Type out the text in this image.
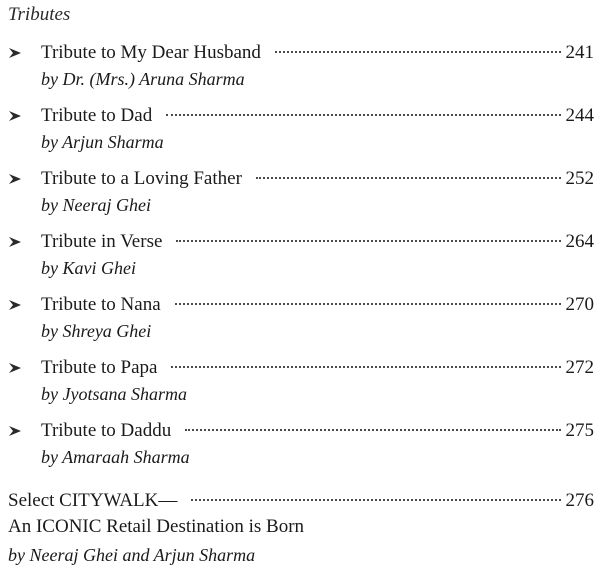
Tributes
Tribute to My Dear Husband	241
by Dr. (Mrs.) Aruna Sharma
Tribute to Dad	244
by Arjun Sharma
Tribute to a Loving Father	252
by Neeraj Ghei
Tribute in Verse	264
by Kavi Ghei
Tribute to Nana	270
by Shreya Ghei
Tribute to Papa	272
by Jyotsana Sharma
Tribute to Daddu	275
by Amaraah Sharma
Select CITYWALK—	276
An ICONIC Retail Destination is Born
by Neeraj Ghei and Arjun Sharma
